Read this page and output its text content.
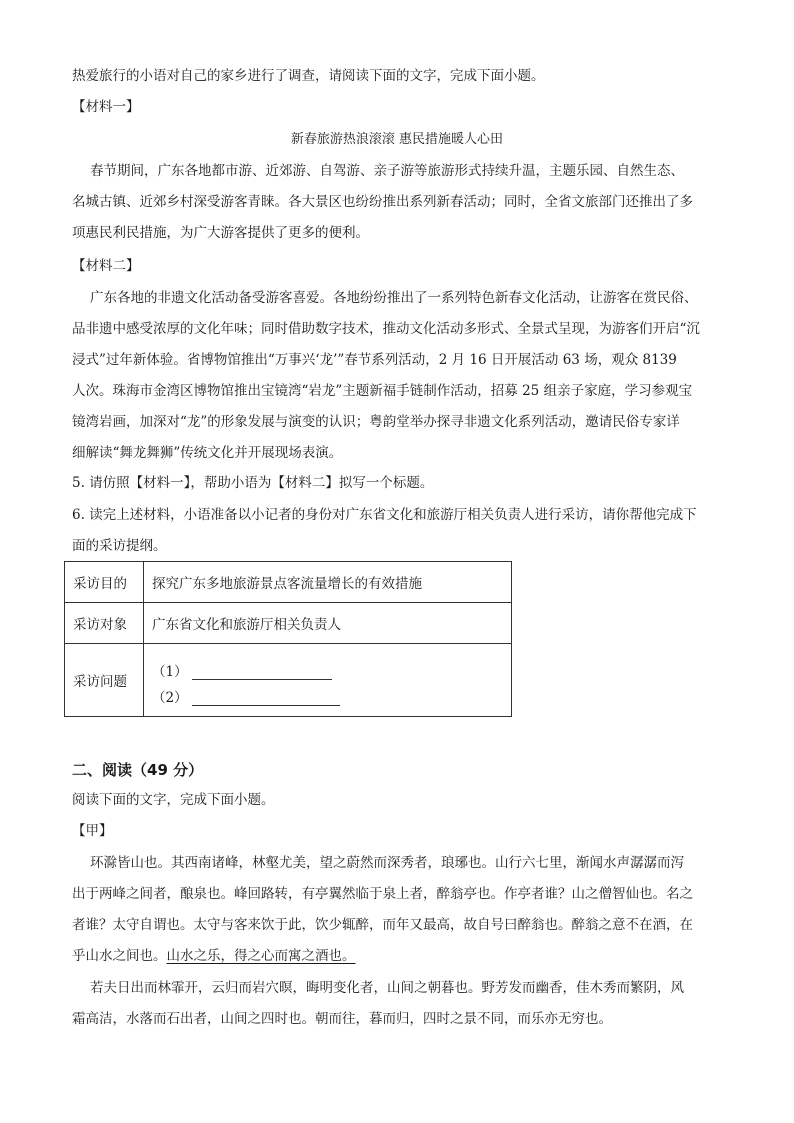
热爱旅行的小语对自己的家乡进行了调查，请阅读下面的文字，完成下面小题。
【材料一】
新春旅游热浪滚滚 惠民措施暖人心田
春节期间，广东各地都市游、近郊游、自驾游、亲子游等旅游形式持续升温，主题乐园、自然生态、
名城古镇、近郊乡村深受游客青睐。各大景区也纷纷推出系列新春活动；同时，全省文旅部门还推出了多
项惠民利民措施，为广大游客提供了更多的便利。
【材料二】
广东各地的非遗文化活动备受游客喜爱。各地纷纷推出了一系列特色新春文化活动，让游客在赏民俗、
品非遗中感受浓厚的文化年味；同时借助数字技术，推动文化活动多形式、全景式呈现，为游客们开启“沉
浸式”过年新体验。省博物馆推出“万事兴‘龙’”春节系列活动，2 月 16 日开展活动 63 场，观众 8139
人次。珠海市金湾区博物馆推出宝镜湾“岩龙”主题新福手链制作活动，招募 25 组亲子家庭，学习参观宝
镜湾岩画，加深对“龙”的形象发展与演变的认识；粤韵堂举办探寻非遗文化系列活动，邀请民俗专家详
细解读“舞龙舞狮”传统文化并开展现场表演。
5. 请仿照【材料一】，帮助小语为【材料二】拟写一个标题。
6. 读完上述材料，小语准备以小记者的身份对广东省文化和旅游厅相关负责人进行采访，请你帮他完成下
面的采访提纲。
采访目的	探究广东多地旅游景点客流量增长的有效措施
采访对象	广东省文化和旅游厅相关负责人
采访问题	（1）
（2）
二、阅读（49 分）
阅读下面的文字，完成下面小题。
【甲】
环滁皆山也。其西南诸峰，林壑尤美，望之蔚然而深秀者，琅琊也。山行六七里，渐闻水声潺潺而泻
出于两峰之间者，酿泉也。峰回路转，有亭翼然临于泉上者，醉翁亭也。作亭者谁？山之僧智仙也。名之
者谁？太守自谓也。太守与客来饮于此，饮少辄醉，而年又最高，故自号曰醉翁也。醉翁之意不在酒，在
乎山水之间也。山水之乐，得之心而寓之酒也。
若夫日出而林霏开，云归而岩穴暝，晦明变化者，山间之朝暮也。野芳发而幽香，佳木秀而繁阴，风
霜高洁，水落而石出者，山间之四时也。朝而往，暮而归，四时之景不同，而乐亦无穷也。
